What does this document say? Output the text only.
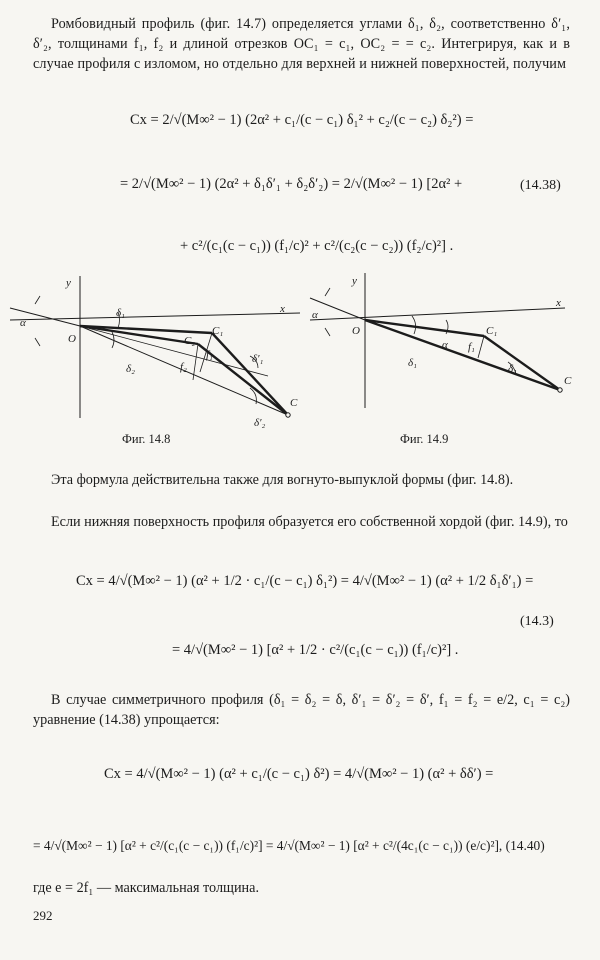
Ромбовидный профиль (фиг. 14.7) определяется углами δ₁, δ₂, соответственно δ′₁, δ′₂, толщинами f₁, f₂ и длиной отрезков OC₁ = c₁, OC₂ = = c₂. Интегрируя, как и в случае профиля с изломом, но отдельно для верхней и нижней поверхностей, получим
Cx = 2/√(M∞² − 1) (2α² + c₁/(c − c₁) δ₁² + c₂/(c − c₂) δ₂²) =
= 2/√(M∞² − 1) (2α² + δ₁δ′₁ + δ₂δ′₂) = 2/√(M∞² − 1) [2α² +	(14.38)
+ c²/(c₁(c − c₁)) (f₁/c)² + c²/(c₂(c − c₂)) (f₂/c)²] .
y
x
O
α
δ₁
δ₂
C₁
C₂
f₁
f₂
δ′₁
δ′₂
C
y
x
O
α
α
δ₁
C₁
f₁
δ₁
C
Фиг. 14.8	Фиг. 14.9
Эта формула действительна также для вогнуто-выпуклой формы (фиг. 14.8).
Если нижняя поверхность профиля образуется его собственной хордой (фиг. 14.9), то
Cx = 4/√(M∞² − 1) (α² + 1/2 · c₁/(c − c₁) δ₁²) = 4/√(M∞² − 1) (α² + 1/2 δ₁δ′₁) =
(14.3)
= 4/√(M∞² − 1) [α² + 1/2 · c²/(c₁(c − c₁)) (f₁/c)²] .
В случае симметричного профиля (δ₁ = δ₂ = δ, δ′₁ = δ′₂ = δ′, f₁ = f₂ = e/2, c₁ = c₂) уравнение (14.38) упрощается:
Cx = 4/√(M∞² − 1) (α² + c₁/(c − c₁) δ²) = 4/√(M∞² − 1) (α² + δδ′) =
= 4/√(M∞² − 1) [α² + c²/(c₁(c − c₁)) (f₁/c)²] = 4/√(M∞² − 1) [α² + c²/(4c₁(c − c₁)) (e/c)²], (14.40)
где e = 2f₁ — максимальная толщина.
292
